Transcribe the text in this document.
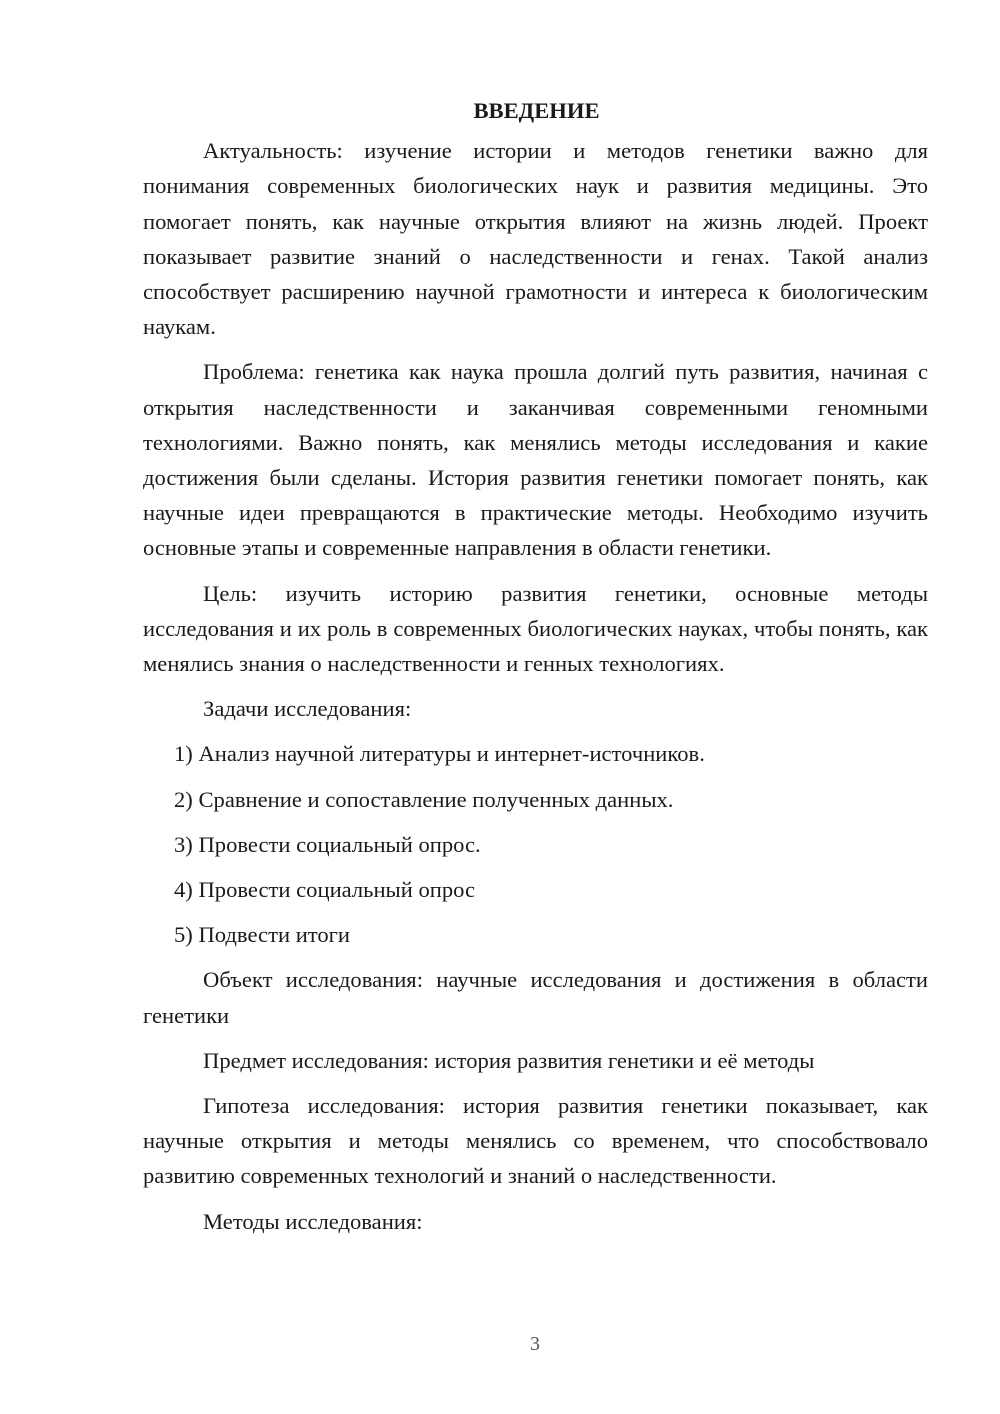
ВВЕДЕНИЕ

Актуальность: изучение истории и методов генетики важно для понимания современных биологических наук и развития медицины. Это помогает понять, как научные открытия влияют на жизнь людей. Проект показывает развитие знаний о наследственности и генах. Такой анализ способствует расширению научной грамотности и интереса к биологическим наукам.

Проблема: генетика как наука прошла долгий путь развития, начиная с открытия наследственности и заканчивая современными геномными технологиями. Важно понять, как менялись методы исследования и какие достижения были сделаны. История развития генетики помогает понять, как научные идеи превращаются в практические методы. Необходимо изучить основные этапы и современные направления в области генетики.

Цель: изучить историю развития генетики, основные методы исследования и их роль в современных биологических науках, чтобы понять, как менялись знания о наследственности и генных технологиях.

Задачи исследования:

1) Анализ научной литературы и интернет-источников.

2) Сравнение и сопоставление полученных данных.

3) Провести социальный опрос.

4) Провести социальный опрос

5) Подвести итоги

Объект исследования: научные исследования и достижения в области генетики

Предмет исследования: история развития генетики и её методы

Гипотеза исследования: история развития генетики показывает, как научные открытия и методы менялись со временем, что способствовало развитию современных технологий и знаний о наследственности.

Методы исследования:

3
